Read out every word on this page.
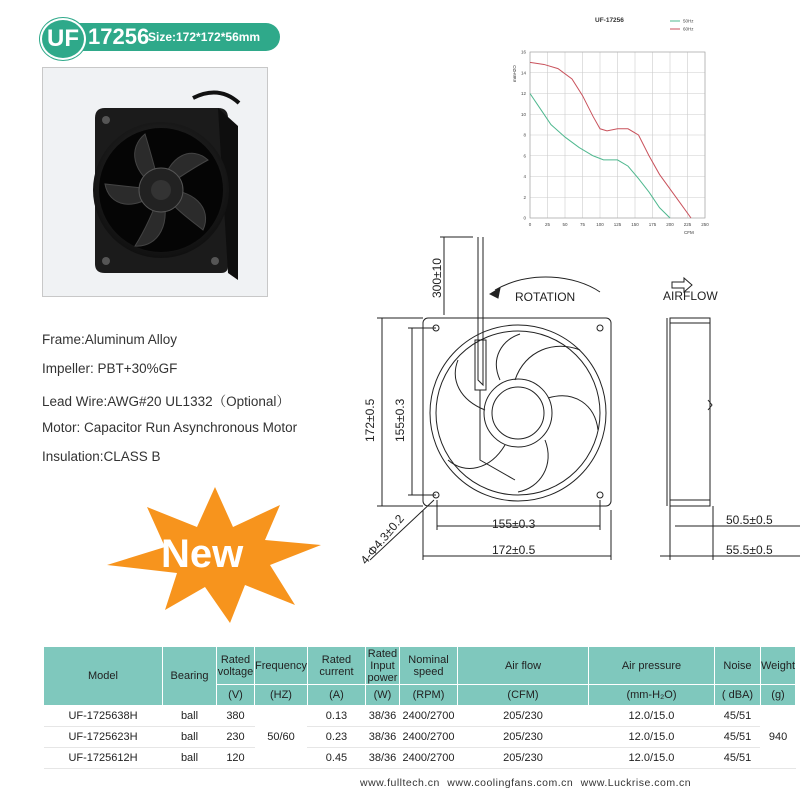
17256
Size:172*172*56mm
UF
Frame:Aluminum Alloy
Impeller: PBT+30%GF
Lead Wire:AWG#20 UL1332（Optional）
Motor: Capacitor Run Asynchronous Motor
Insulation:CLASS B
UF-17256	50Hz
60Hz
mmH2O
CFM
0	25	50	75 100 125 150 175 200 225 250
0
2
4
6
8
10
12
14
16
300±10	ROTATION	AIRFLOW
172±0.5 155±0.3
155±0.3
172±0.5
4-Φ4.3±0.2	50.5±0.5
55.5±0.5
New
Model	Bearing	Rated voltage	Frequency	Rated current	Rated Input power	Nominal speed	Air flow	Air pressure	Noise	Weight
		(V)	(HZ)	(A)	(W)	(RPM)	(CFM)	(mm-H₂O)	( dBA)	(g)
UF-1725638H	ball	380	50/60	0.13	38/36	2400/2700	205/230	12.0/15.0	45/51	940
UF-1725623H	ball	230		0.23	38/36	2400/2700	205/230	12.0/15.0	45/51	
UF-1725612H	ball	120		0.45	38/36	2400/2700	205/230	12.0/15.0	45/51	
www.fulltech.cn www.coolingfans.com.cn www.Luckrise.com.cn
